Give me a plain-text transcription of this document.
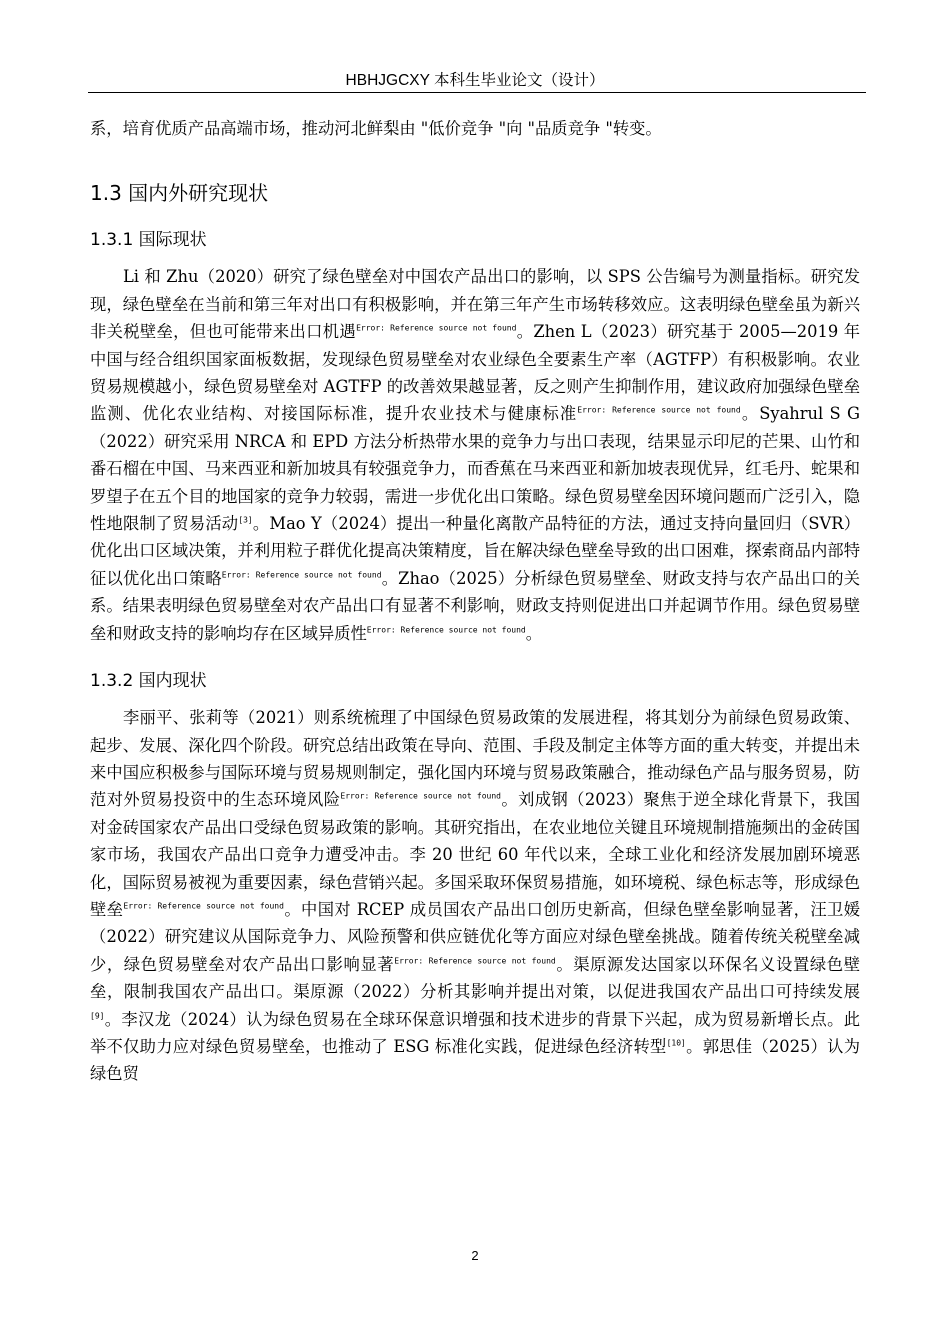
HBHJGCXY 本科生毕业论文（设计）

系，培育优质产品高端市场，推动河北鲜梨由 "低价竞争 "向 "品质竞争 "转变。

1.3 国内外研究现状
1.3.1 国际现状

Li 和 Zhu（2020）研究了绿色壁垒对中国农产品出口的影响，以 SPS 公告编号为测量指标。研究发现，绿色壁垒在当前和第三年对出口有积极影响，并在第三年产生市场转移效应。这表明绿色壁垒虽为新兴非关税壁垒，但也可能带来出口机遇$^{Error: Reference source not found}$。Zhen L（2023）研究基于 2005—2019 年中国与经合组织国家面板数据，发现绿色贸易壁垒对农业绿色全要素生产率（AGTFP）有积极影响。农业贸易规模越小，绿色贸易壁垒对 AGTFP 的改善效果越显著，反之则产生抑制作用，建议政府加强绿色壁垒监测、优化农业结构、对接国际标准，提升农业技术与健康标准$^{Error: Reference source not found}$。Syahrul S G（2022）研究采用 NRCA 和 EPD 方法分析热带水果的竞争力与出口表现，结果显示印尼的芒果、山竹和番石榴在中国、马来西亚和新加坡具有较强竞争力，而香蕉在马来西亚和新加坡表现优异，红毛丹、蛇果和罗望子在五个目的地国家的竞争力较弱，需进一步优化出口策略。绿色贸易壁垒因环境问题而广泛引入，隐性地限制了贸易活动[3]。Mao Y（2024）提出一种量化离散产品特征的方法，通过支持向量回归（SVR）优化出口区域决策，并利用粒子群优化提高决策精度，旨在解决绿色壁垒导致的出口困难，探索商品内部特征以优化出口策略$^{Error: Reference source not found}$。Zhao（2025）分析绿色贸易壁垒、财政支持与农产品出口的关系。结果表明绿色贸易壁垒对农产品出口有显著不利影响，财政支持则促进出口并起调节作用。绿色贸易壁垒和财政支持的影响均存在区域异质性$^{Error: Reference source not found}$。

1.3.2 国内现状

李丽平、张莉等（2021）则系统梳理了中国绿色贸易政策的发展进程，将其划分为前绿色贸易政策、起步、发展、深化四个阶段。研究总结出政策在导向、范围、手段及制定主体等方面的重大转变，并提出未来中国应积极参与国际环境与贸易规则制定，强化国内环境与贸易政策融合，推动绿色产品与服务贸易，防范对外贸易投资中的生态环境风险$^{Error: Reference source not found}$。刘成钢（2023）聚焦于逆全球化背景下，我国对金砖国家农产品出口受绿色贸易政策的影响。其研究指出，在农业地位关键且环境规制措施频出的金砖国家市场，我国农产品出口竞争力遭受冲击。李 20 世纪 60 年代以来，全球工业化和经济发展加剧环境恶化，国际贸易被视为重要因素，绿色营销兴起。多国采取环保贸易措施，如环境税、绿色标志等，形成绿色壁垒$^{Error: Reference source not found}$。中国对 RCEP 成员国农产品出口创历史新高，但绿色壁垒影响显著，汪卫媛（2022）研究建议从国际竞争力、风险预警和供应链优化等方面应对绿色壁垒挑战。随着传统关税壁垒减少，绿色贸易壁垒对农产品出口影响显著$^{Error: Reference source not found}$。渠原源发达国家以环保名义设置绿色壁垒，限制我国农产品出口。渠原源（2022）分析其影响并提出对策，以促进我国农产品出口可持续发展[9]。李汉龙（2024）认为绿色贸易在全球环保意识增强和技术进步的背景下兴起，成为贸易新增长点。此举不仅助力应对绿色贸易壁垒，也推动了 ESG 标准化实践，促进绿色经济转型[10]。郭思佳（2025）认为绿色贸

2
